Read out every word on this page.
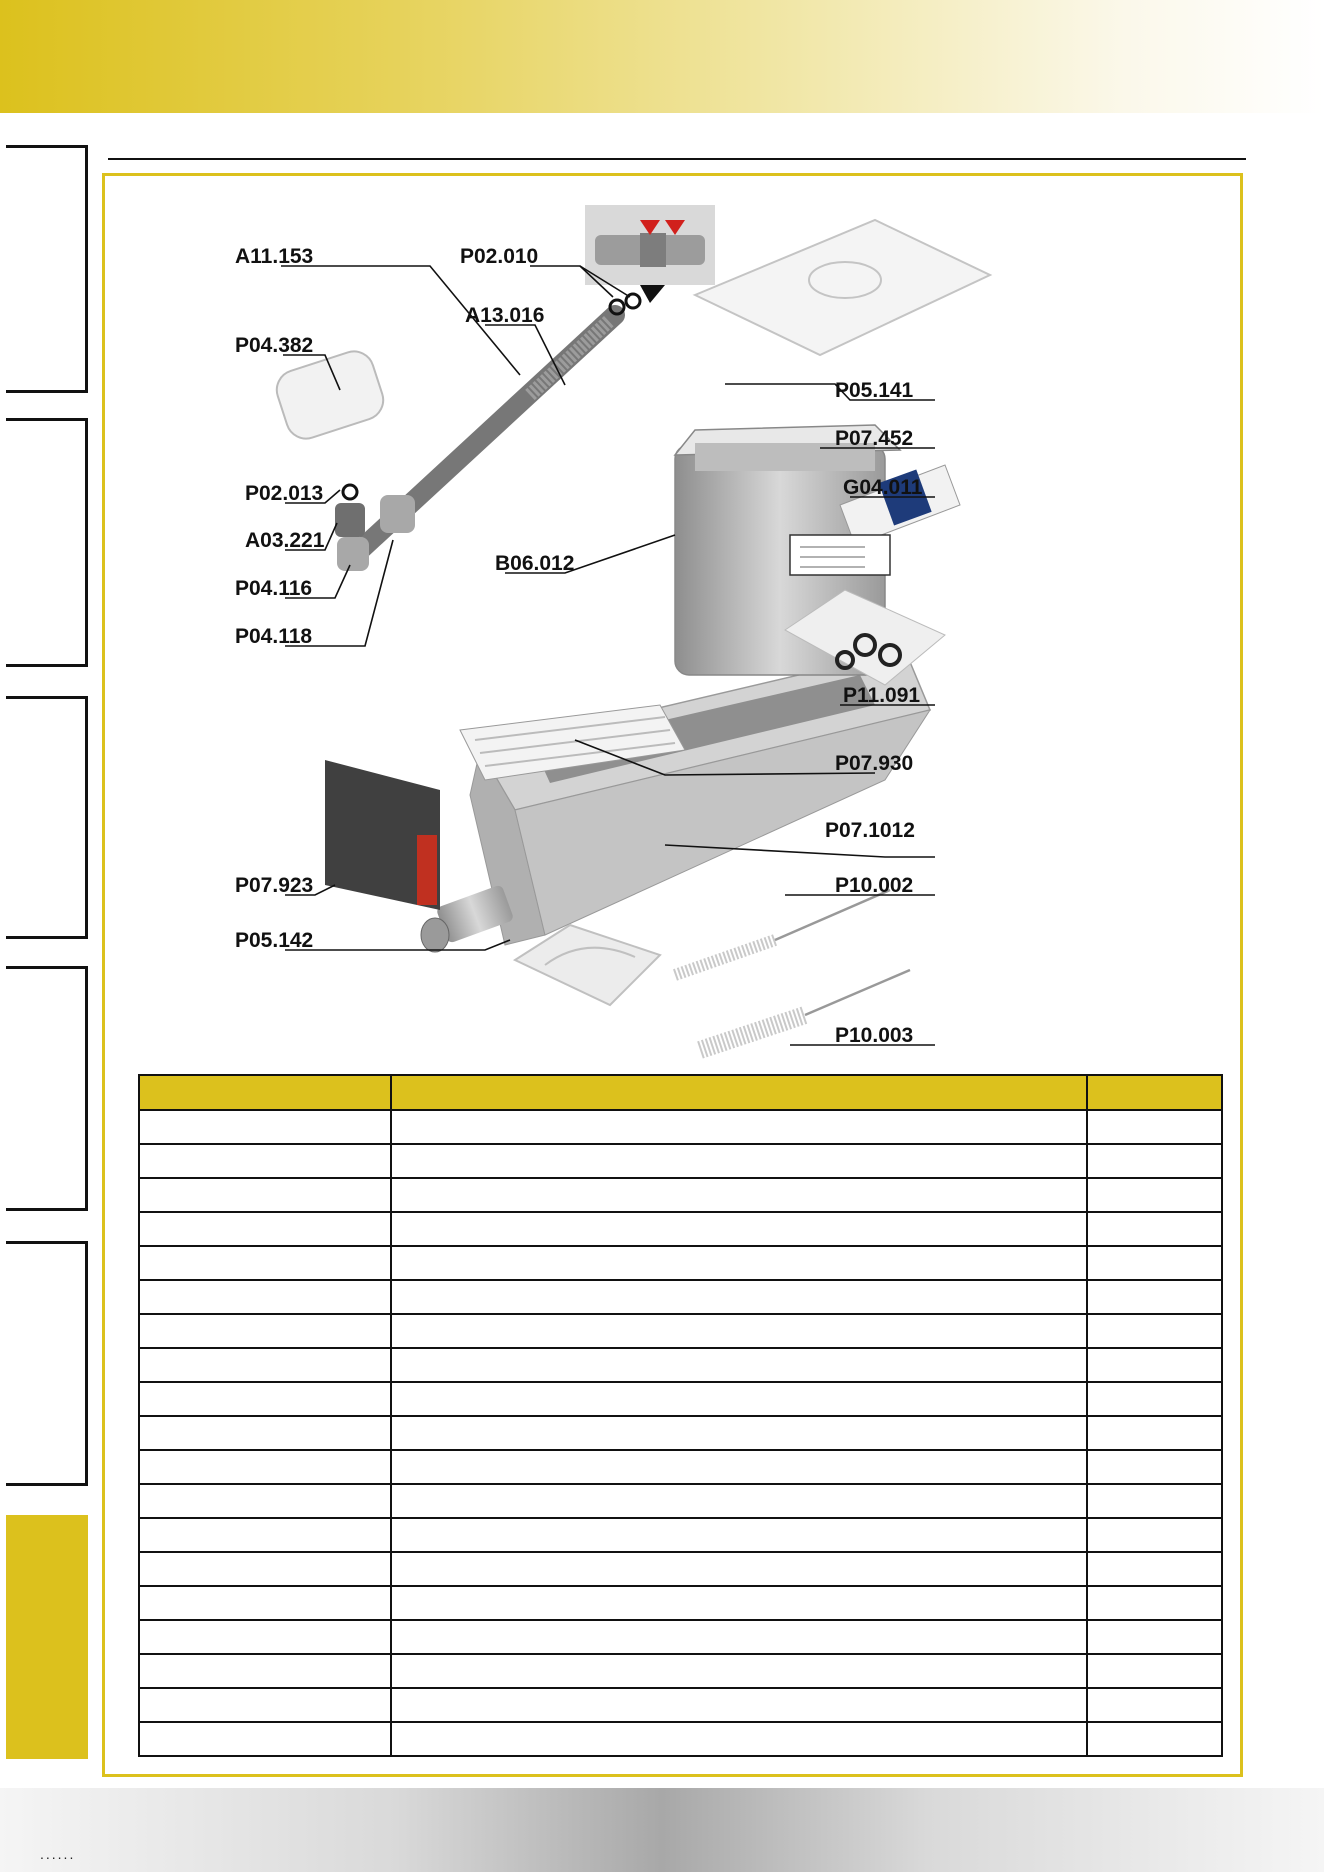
A11.153	P02.010
A13.016
P04.382
P05.141
P07.452
G04.011
P02.013
A03.221
B06.012
P04.116
P04.118
P11.091
P07.930
P07.1012
P07.923	P10.002
P05.142
P10.003

......
